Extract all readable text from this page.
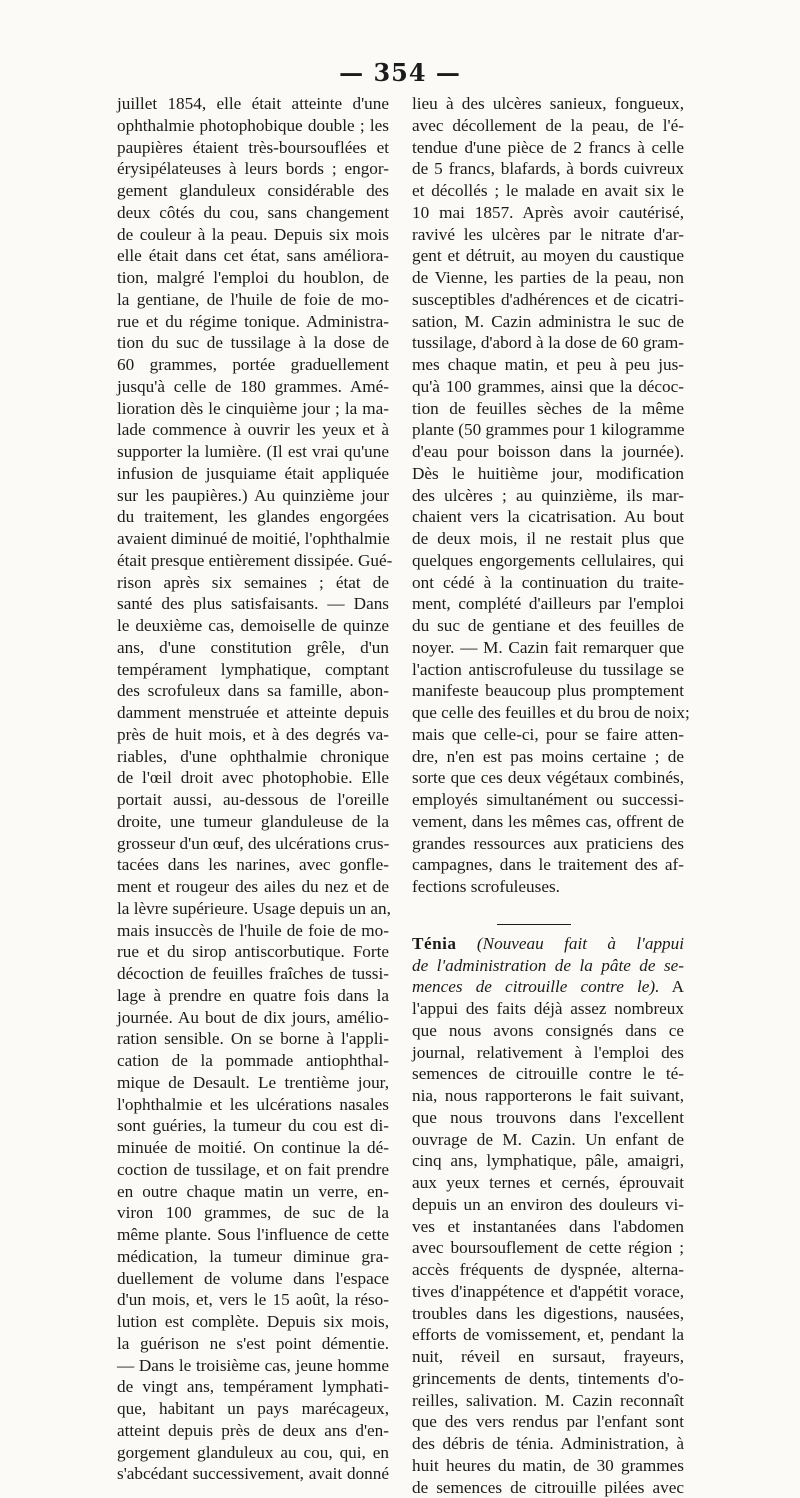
— 354 —
juillet 1854, elle était atteinte d'une
ophthalmie photophobique double ; les
paupières étaient très-boursouflées et
érysipélateuses à leurs bords ; engor-
gement glanduleux considérable des
deux côtés du cou, sans changement
de couleur à la peau. Depuis six mois
elle était dans cet état, sans améliora-
tion, malgré l'emploi du houblon, de
la gentiane, de l'huile de foie de mo-
rue et du régime tonique. Administra-
tion du suc de tussilage à la dose de
60 grammes, portée graduellement
jusqu'à celle de 180 grammes. Amé-
lioration dès le cinquième jour ; la ma-
lade commence à ouvrir les yeux et à
supporter la lumière. (Il est vrai qu'une
infusion de jusquiame était appliquée
sur les paupières.) Au quinzième jour
du traitement, les glandes engorgées
avaient diminué de moitié, l'ophthalmie
était presque entièrement dissipée. Gué-
rison après six semaines ; état de
santé des plus satisfaisants. — Dans
le deuxième cas, demoiselle de quinze
ans, d'une constitution grêle, d'un
tempérament lymphatique, comptant
des scrofuleux dans sa famille, abon-
damment menstruée et atteinte depuis
près de huit mois, et à des degrés va-
riables, d'une ophthalmie chronique
de l'œil droit avec photophobie. Elle
portait aussi, au-dessous de l'oreille
droite, une tumeur glanduleuse de la
grosseur d'un œuf, des ulcérations crus-
tacées dans les narines, avec gonfle-
ment et rougeur des ailes du nez et de
la lèvre supérieure. Usage depuis un an,
mais insuccès de l'huile de foie de mo-
rue et du sirop antiscorbutique. Forte
décoction de feuilles fraîches de tussi-
lage à prendre en quatre fois dans la
journée. Au bout de dix jours, amélio-
ration sensible. On se borne à l'appli-
cation de la pommade antiophthal-
mique de Desault. Le trentième jour,
l'ophthalmie et les ulcérations nasales
sont guéries, la tumeur du cou est di-
minuée de moitié. On continue la dé-
coction de tussilage, et on fait prendre
en outre chaque matin un verre, en-
viron 100 grammes, de suc de la
même plante. Sous l'influence de cette
médication, la tumeur diminue gra-
duellement de volume dans l'espace
d'un mois, et, vers le 15 août, la réso-
lution est complète. Depuis six mois,
la guérison ne s'est point démentie.
— Dans le troisième cas, jeune homme
de vingt ans, tempérament lymphati-
que, habitant un pays marécageux,
atteint depuis près de deux ans d'en-
gorgement glanduleux au cou, qui, en
s'abcédant successivement, avait donné
lieu à des ulcères sanieux, fongueux,
avec décollement de la peau, de l'é-
tendue d'une pièce de 2 francs à celle
de 5 francs, blafards, à bords cuivreux
et décollés ; le malade en avait six le
10 mai 1857. Après avoir cautérisé,
ravivé les ulcères par le nitrate d'ar-
gent et détruit, au moyen du caustique
de Vienne, les parties de la peau, non
susceptibles d'adhérences et de cicatri-
sation, M. Cazin administra le suc de
tussilage, d'abord à la dose de 60 gram-
mes chaque matin, et peu à peu jus-
qu'à 100 grammes, ainsi que la décoc-
tion de feuilles sèches de la même
plante (50 grammes pour 1 kilogramme
d'eau pour boisson dans la journée).
Dès le huitième jour, modification
des ulcères ; au quinzième, ils mar-
chaient vers la cicatrisation. Au bout
de deux mois, il ne restait plus que
quelques engorgements cellulaires, qui
ont cédé à la continuation du traite-
ment, complété d'ailleurs par l'emploi
du suc de gentiane et des feuilles de
noyer. — M. Cazin fait remarquer que
l'action antiscrofuleuse du tussilage se
manifeste beaucoup plus promptement
que celle des feuilles et du brou de noix;
mais que celle-ci, pour se faire atten-
dre, n'en est pas moins certaine ; de
sorte que ces deux végétaux combinés,
employés simultanément ou successi-
vement, dans les mêmes cas, offrent de
grandes ressources aux praticiens des
campagnes, dans le traitement des af-
fections scrofuleuses.
Ténia (Nouveau fait à l'appui
de l'administration de la pâte de se-
mences de citrouille contre le). A
l'appui des faits déjà assez nombreux
que nous avons consignés dans ce
journal, relativement à l'emploi des
semences de citrouille contre le té-
nia, nous rapporterons le fait suivant,
que nous trouvons dans l'excellent
ouvrage de M. Cazin. Un enfant de
cinq ans, lymphatique, pâle, amaigri,
aux yeux ternes et cernés, éprouvait
depuis un an environ des douleurs vi-
ves et instantanées dans l'abdomen
avec boursouflement de cette région ;
accès fréquents de dyspnée, alterna-
tives d'inappétence et d'appétit vorace,
troubles dans les digestions, nausées,
efforts de vomissement, et, pendant la
nuit, réveil en sursaut, frayeurs,
grincements de dents, tintements d'o-
reilles, salivation. M. Cazin reconnaît
que des vers rendus par l'enfant sont
des débris de ténia. Administration, à
huit heures du matin, de 30 grammes
de semences de citrouille pilées avec
